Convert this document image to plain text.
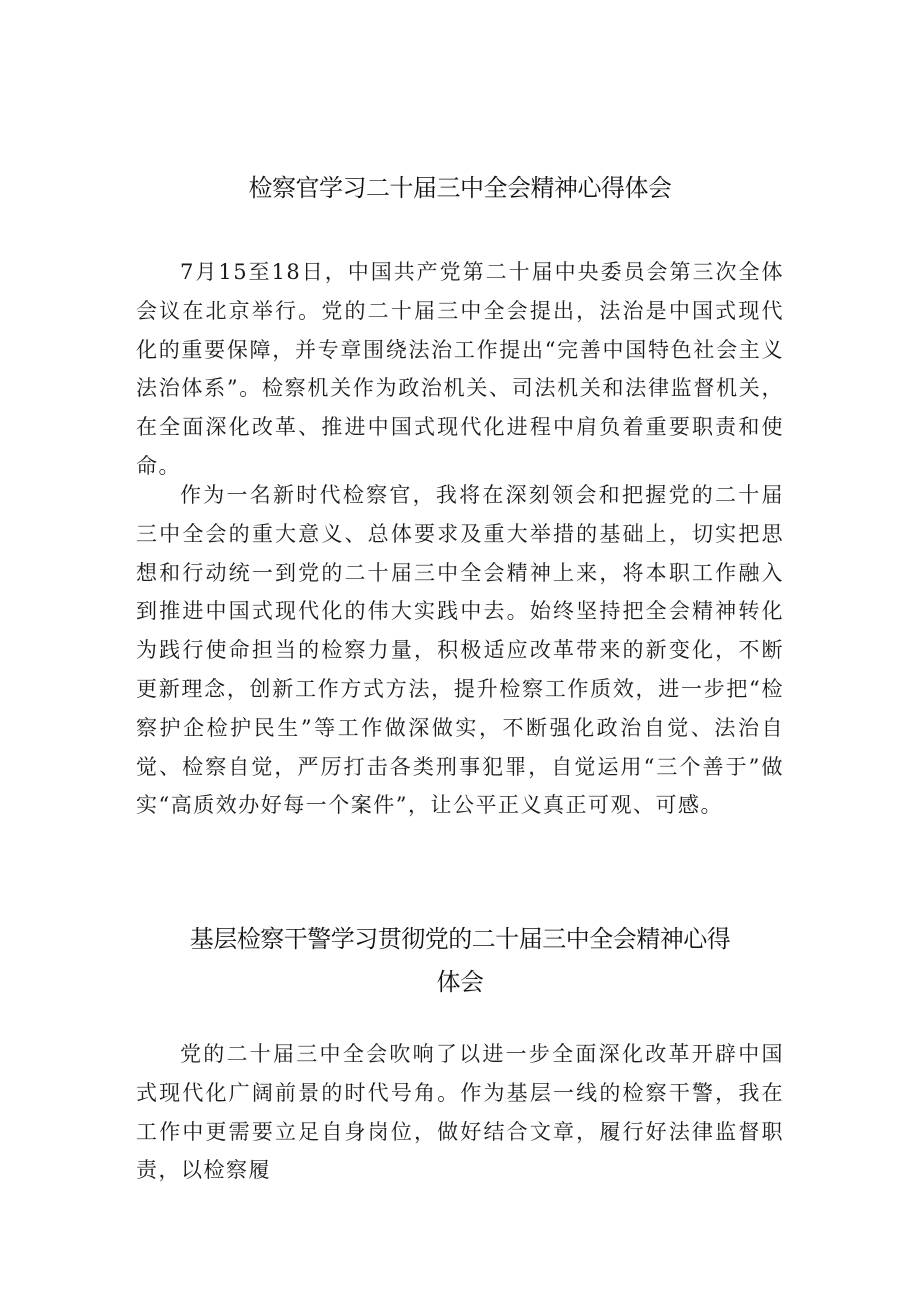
检察官学习二十届三中全会精神心得体会

7月15至18日，中国共产党第二十届中央委员会第三次全体会议在北京举行。党的二十届三中全会提出，法治是中国式现代化的重要保障，并专章围绕法治工作提出“完善中国特色社会主义法治体系”。检察机关作为政治机关、司法机关和法律监督机关，在全面深化改革、推进中国式现代化进程中肩负着重要职责和使命。

作为一名新时代检察官，我将在深刻领会和把握党的二十届三中全会的重大意义、总体要求及重大举措的基础上，切实把思想和行动统一到党的二十届三中全会精神上来，将本职工作融入到推进中国式现代化的伟大实践中去。始终坚持把全会精神转化为践行使命担当的检察力量，积极适应改革带来的新变化，不断更新理念，创新工作方式方法，提升检察工作质效，进一步把“检察护企检护民生”等工作做深做实，不断强化政治自觉、法治自觉、检察自觉，严厉打击各类刑事犯罪，自觉运用“三个善于”做实“高质效办好每一个案件”，让公平正义真正可观、可感。

基层检察干警学习贯彻党的二十届三中全会精神心得
体会

党的二十届三中全会吹响了以进一步全面深化改革开辟中国式现代化广阔前景的时代号角。作为基层一线的检察干警，我在工作中更需要立足自身岗位，做好结合文章，履行好法律监督职责，以检察履
